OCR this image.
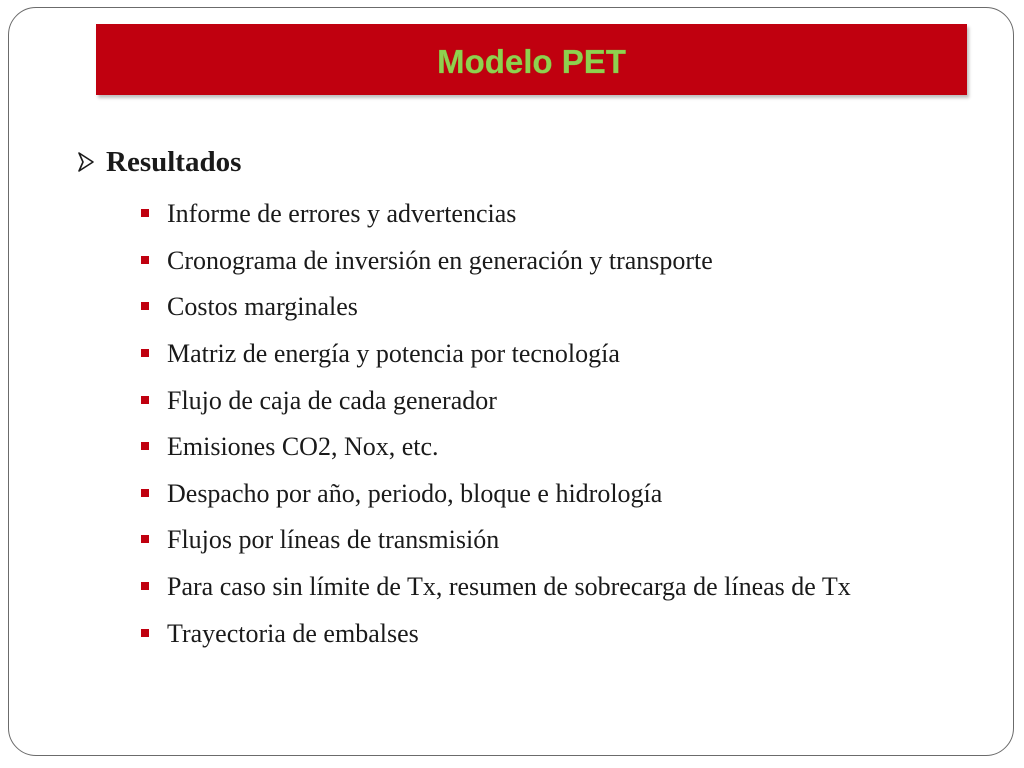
Modelo PET
Resultados
Informe de errores y advertencias
Cronograma de inversión en generación y transporte
Costos marginales
Matriz de energía y potencia por tecnología
Flujo de caja de cada generador
Emisiones CO2, Nox, etc.
Despacho por año, periodo, bloque e hidrología
Flujos por líneas de transmisión
Para caso sin límite de Tx, resumen de sobrecarga de líneas de Tx
Trayectoria de embalses
